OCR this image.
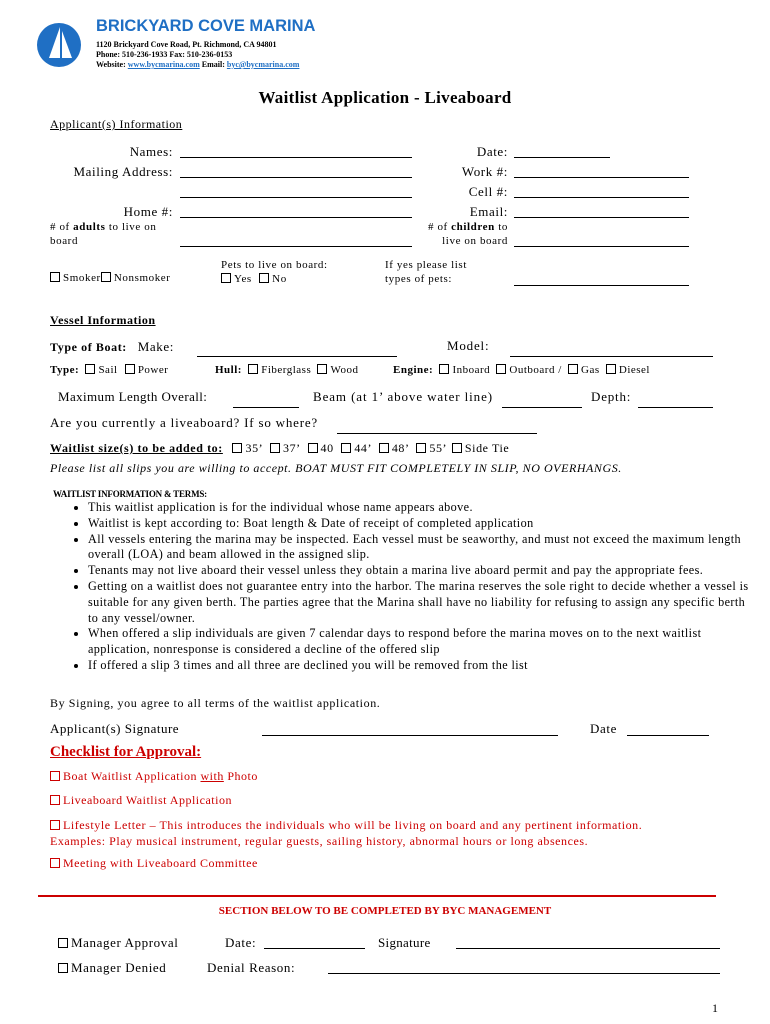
BRICKYARD COVE MARINA
1120 Brickyard Cove Road, Pt. Richmond, CA 94801
Phone: 510-236-1933 Fax: 510-236-0153
Website: www.bycmarina.com Email: byc@bycmarina.com
Waitlist Application - Liveaboard
Applicant(s) Information
Names:	Date:
Mailing Address:	Work #:
Cell #:
Home #:	Email:
# of adults to live on
board
# of children to
live on board
Pets to live on board:
Yes No
Smoker Nonsmoker
If yes please list
types of pets:
Vessel Information
Type of Boat: Make:	Model:
Type: Sail Power	Hull: Fiberglass Wood	Engine: Inboard Outboard / Gas Diesel
Maximum Length Overall:	Beam (at 1’ above water line)	Depth:
Are you currently a liveaboard? If so where?
Waitlist size(s) to be added to: 35’ 37’ 40 44’ 48’ 55’ Side Tie
Please list all slips you are willing to accept. BOAT MUST FIT COMPLETELY IN SLIP, NO OVERHANGS.
WAITLIST INFORMATION & TERMS:
• This waitlist application is for the individual whose name appears above.
• Waitlist is kept according to: Boat length & Date of receipt of completed application
• All vessels entering the marina may be inspected. Each vessel must be seaworthy, and must not exceed the maximum length overall (LOA) and beam allowed in the assigned slip.
• Tenants may not live aboard their vessel unless they obtain a marina live aboard permit and pay the appropriate fees.
• Getting on a waitlist does not guarantee entry into the harbor. The marina reserves the sole right to decide whether a vessel is suitable for any given berth. The parties agree that the Marina shall have no liability for refusing to assign any specific berth to any vessel/owner.
• When offered a slip individuals are given 7 calendar days to respond before the marina moves on to the next waitlist application, nonresponse is considered a decline of the offered slip
• If offered a slip 3 times and all three are declined you will be removed from the list
By Signing, you agree to all terms of the waitlist application.
Applicant(s) Signature	Date
Checklist for Approval:
Boat Waitlist Application with Photo
Liveaboard Waitlist Application
Lifestyle Letter – This introduces the individuals who will be living on board and any pertinent information.
Examples: Play musical instrument, regular guests, sailing history, abnormal hours or long absences.
Meeting with Liveaboard Committee
SECTION BELOW TO BE COMPLETED BY BYC MANAGEMENT
Manager Approval	Date:	Signature
Manager Denied	Denial Reason:
1
